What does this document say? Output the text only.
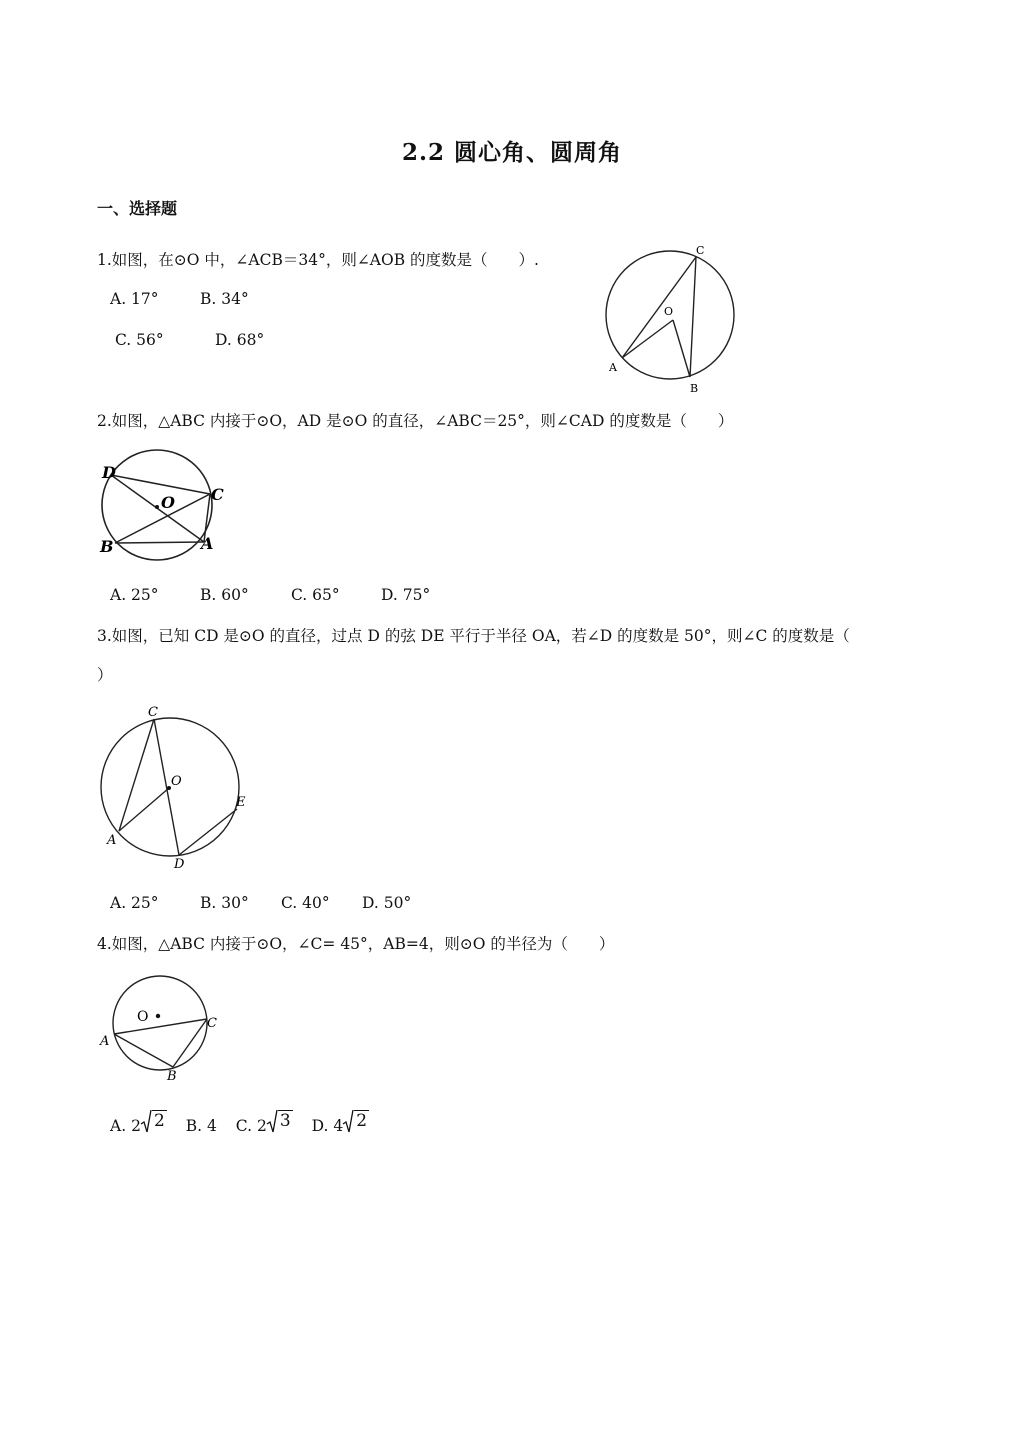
2.2 圆心角、圆周角
一、选择题
1.如图，在⊙O 中，∠ACB＝34°，则∠AOB 的度数是（　　）.
A. 17°	B. 34°
C. 56°	D. 68°
C
O
A
B
2.如图，△ABC 内接于⊙O，AD 是⊙O 的直径，∠ABC＝25°，则∠CAD 的度数是（　　）
D
O C
B	A
A. 25°	B. 60°	C. 65°	D. 75°
3.如图，已知 CD 是⊙O 的直径，过点 D 的弦 DE 平行于半径 OA，若∠D 的度数是 50°，则∠C 的度数是（
）
C
O
E
A
D
A. 25°	B. 30° C. 40° D. 50°
4.如图，△ABC 内接于⊙O，∠C= 45°，AB=4，则⊙O 的半径为（　　）
O	C
A
B
A. 2 2 B. 4 C. 2 3 D. 4 2
